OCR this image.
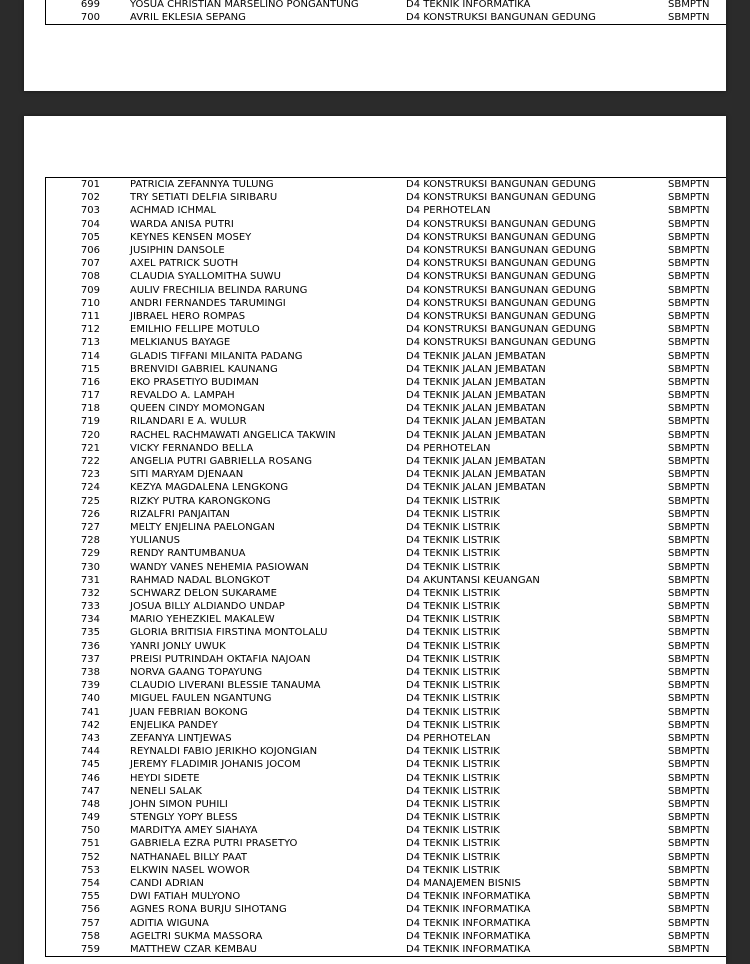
699	YOSUA CHRISTIAN MARSELINO PONGANTUNG	D4 TEKNIK INFORMATIKA	SBMPTN
700	AVRIL EKLESIA SEPANG	D4 KONSTRUKSI BANGUNAN GEDUNG	SBMPTN
701	PATRICIA ZEFANNYA TULUNG	D4 KONSTRUKSI BANGUNAN GEDUNG	SBMPTN
702	TRY SETIATI DELFIA SIRIBARU	D4 KONSTRUKSI BANGUNAN GEDUNG	SBMPTN
703	ACHMAD ICHMAL	D4 PERHOTELAN	SBMPTN
704	WARDA ANISA PUTRI	D4 KONSTRUKSI BANGUNAN GEDUNG	SBMPTN
705	KEYNES KENSEN MOSEY	D4 KONSTRUKSI BANGUNAN GEDUNG	SBMPTN
706	JUSIPHIN DANSOLE	D4 KONSTRUKSI BANGUNAN GEDUNG	SBMPTN
707	AXEL PATRICK SUOTH	D4 KONSTRUKSI BANGUNAN GEDUNG	SBMPTN
708	CLAUDIA SYALLOMITHA SUWU	D4 KONSTRUKSI BANGUNAN GEDUNG	SBMPTN
709	AULIV FRECHILIA BELINDA RARUNG	D4 KONSTRUKSI BANGUNAN GEDUNG	SBMPTN
710	ANDRI FERNANDES TARUMINGI	D4 KONSTRUKSI BANGUNAN GEDUNG	SBMPTN
711	JIBRAEL HERO ROMPAS	D4 KONSTRUKSI BANGUNAN GEDUNG	SBMPTN
712	EMILHIO FELLIPE MOTULO	D4 KONSTRUKSI BANGUNAN GEDUNG	SBMPTN
713	MELKIANUS BAYAGE	D4 KONSTRUKSI BANGUNAN GEDUNG	SBMPTN
714	GLADIS TIFFANI MILANITA PADANG	D4 TEKNIK JALAN JEMBATAN	SBMPTN
715	BRENVIDI GABRIEL KAUNANG	D4 TEKNIK JALAN JEMBATAN	SBMPTN
716	EKO PRASETIYO BUDIMAN	D4 TEKNIK JALAN JEMBATAN	SBMPTN
717	REVALDO A. LAMPAH	D4 TEKNIK JALAN JEMBATAN	SBMPTN
718	QUEEN CINDY MOMONGAN	D4 TEKNIK JALAN JEMBATAN	SBMPTN
719	RILANDARI E A. WULUR	D4 TEKNIK JALAN JEMBATAN	SBMPTN
720	RACHEL RACHMAWATI ANGELICA TAKWIN	D4 TEKNIK JALAN JEMBATAN	SBMPTN
721	VICKY FERNANDO BELLA	D4 PERHOTELAN	SBMPTN
722	ANGELIA PUTRI GABRIELLA ROSANG	D4 TEKNIK JALAN JEMBATAN	SBMPTN
723	SITI MARYAM DJENAAN	D4 TEKNIK JALAN JEMBATAN	SBMPTN
724	KEZYA MAGDALENA LENGKONG	D4 TEKNIK JALAN JEMBATAN	SBMPTN
725	RIZKY PUTRA KARONGKONG	D4 TEKNIK LISTRIK	SBMPTN
726	RIZALFRI PANJAITAN	D4 TEKNIK LISTRIK	SBMPTN
727	MELTY ENJELINA PAELONGAN	D4 TEKNIK LISTRIK	SBMPTN
728	YULIANUS	D4 TEKNIK LISTRIK	SBMPTN
729	RENDY RANTUMBANUA	D4 TEKNIK LISTRIK	SBMPTN
730	WANDY VANES NEHEMIA PASIOWAN	D4 TEKNIK LISTRIK	SBMPTN
731	RAHMAD NADAL BLONGKOT	D4 AKUNTANSI KEUANGAN	SBMPTN
732	SCHWARZ DELON SUKARAME	D4 TEKNIK LISTRIK	SBMPTN
733	JOSUA BILLY ALDIANDO UNDAP	D4 TEKNIK LISTRIK	SBMPTN
734	MARIO YEHEZKIEL MAKALEW	D4 TEKNIK LISTRIK	SBMPTN
735	GLORIA BRITISIA FIRSTINA MONTOLALU	D4 TEKNIK LISTRIK	SBMPTN
736	YANRI JONLY UWUK	D4 TEKNIK LISTRIK	SBMPTN
737	PREISI PUTRINDAH OKTAFIA NAJOAN	D4 TEKNIK LISTRIK	SBMPTN
738	NORVA GAANG TOPAYUNG	D4 TEKNIK LISTRIK	SBMPTN
739	CLAUDIO LIVERANI BLESSIE TANAUMA	D4 TEKNIK LISTRIK	SBMPTN
740	MIGUEL FAULEN NGANTUNG	D4 TEKNIK LISTRIK	SBMPTN
741	JUAN FEBRIAN BOKONG	D4 TEKNIK LISTRIK	SBMPTN
742	ENJELIKA PANDEY	D4 TEKNIK LISTRIK	SBMPTN
743	ZEFANYA LINTJEWAS	D4 PERHOTELAN	SBMPTN
744	REYNALDI FABIO JERIKHO KOJONGIAN	D4 TEKNIK LISTRIK	SBMPTN
745	JEREMY FLADIMIR JOHANIS JOCOM	D4 TEKNIK LISTRIK	SBMPTN
746	HEYDI SIDETE	D4 TEKNIK LISTRIK	SBMPTN
747	NENELI SALAK	D4 TEKNIK LISTRIK	SBMPTN
748	JOHN SIMON PUHILI	D4 TEKNIK LISTRIK	SBMPTN
749	STENGLY YOPY BLESS	D4 TEKNIK LISTRIK	SBMPTN
750	MARDITYA AMEY SIAHAYA	D4 TEKNIK LISTRIK	SBMPTN
751	GABRIELA EZRA PUTRI PRASETYO	D4 TEKNIK LISTRIK	SBMPTN
752	NATHANAEL BILLY PAAT	D4 TEKNIK LISTRIK	SBMPTN
753	ELKWIN NASEL WOWOR	D4 TEKNIK LISTRIK	SBMPTN
754	CANDI ADRIAN	D4 MANAJEMEN BISNIS	SBMPTN
755	DWI FATIAH MULYONO	D4 TEKNIK INFORMATIKA	SBMPTN
756	AGNES RONA BURJU SIHOTANG	D4 TEKNIK INFORMATIKA	SBMPTN
757	ADITIA WIGUNA	D4 TEKNIK INFORMATIKA	SBMPTN
758	AGELTRI SUKMA MASSORA	D4 TEKNIK INFORMATIKA	SBMPTN
759	MATTHEW CZAR KEMBAU	D4 TEKNIK INFORMATIKA	SBMPTN
